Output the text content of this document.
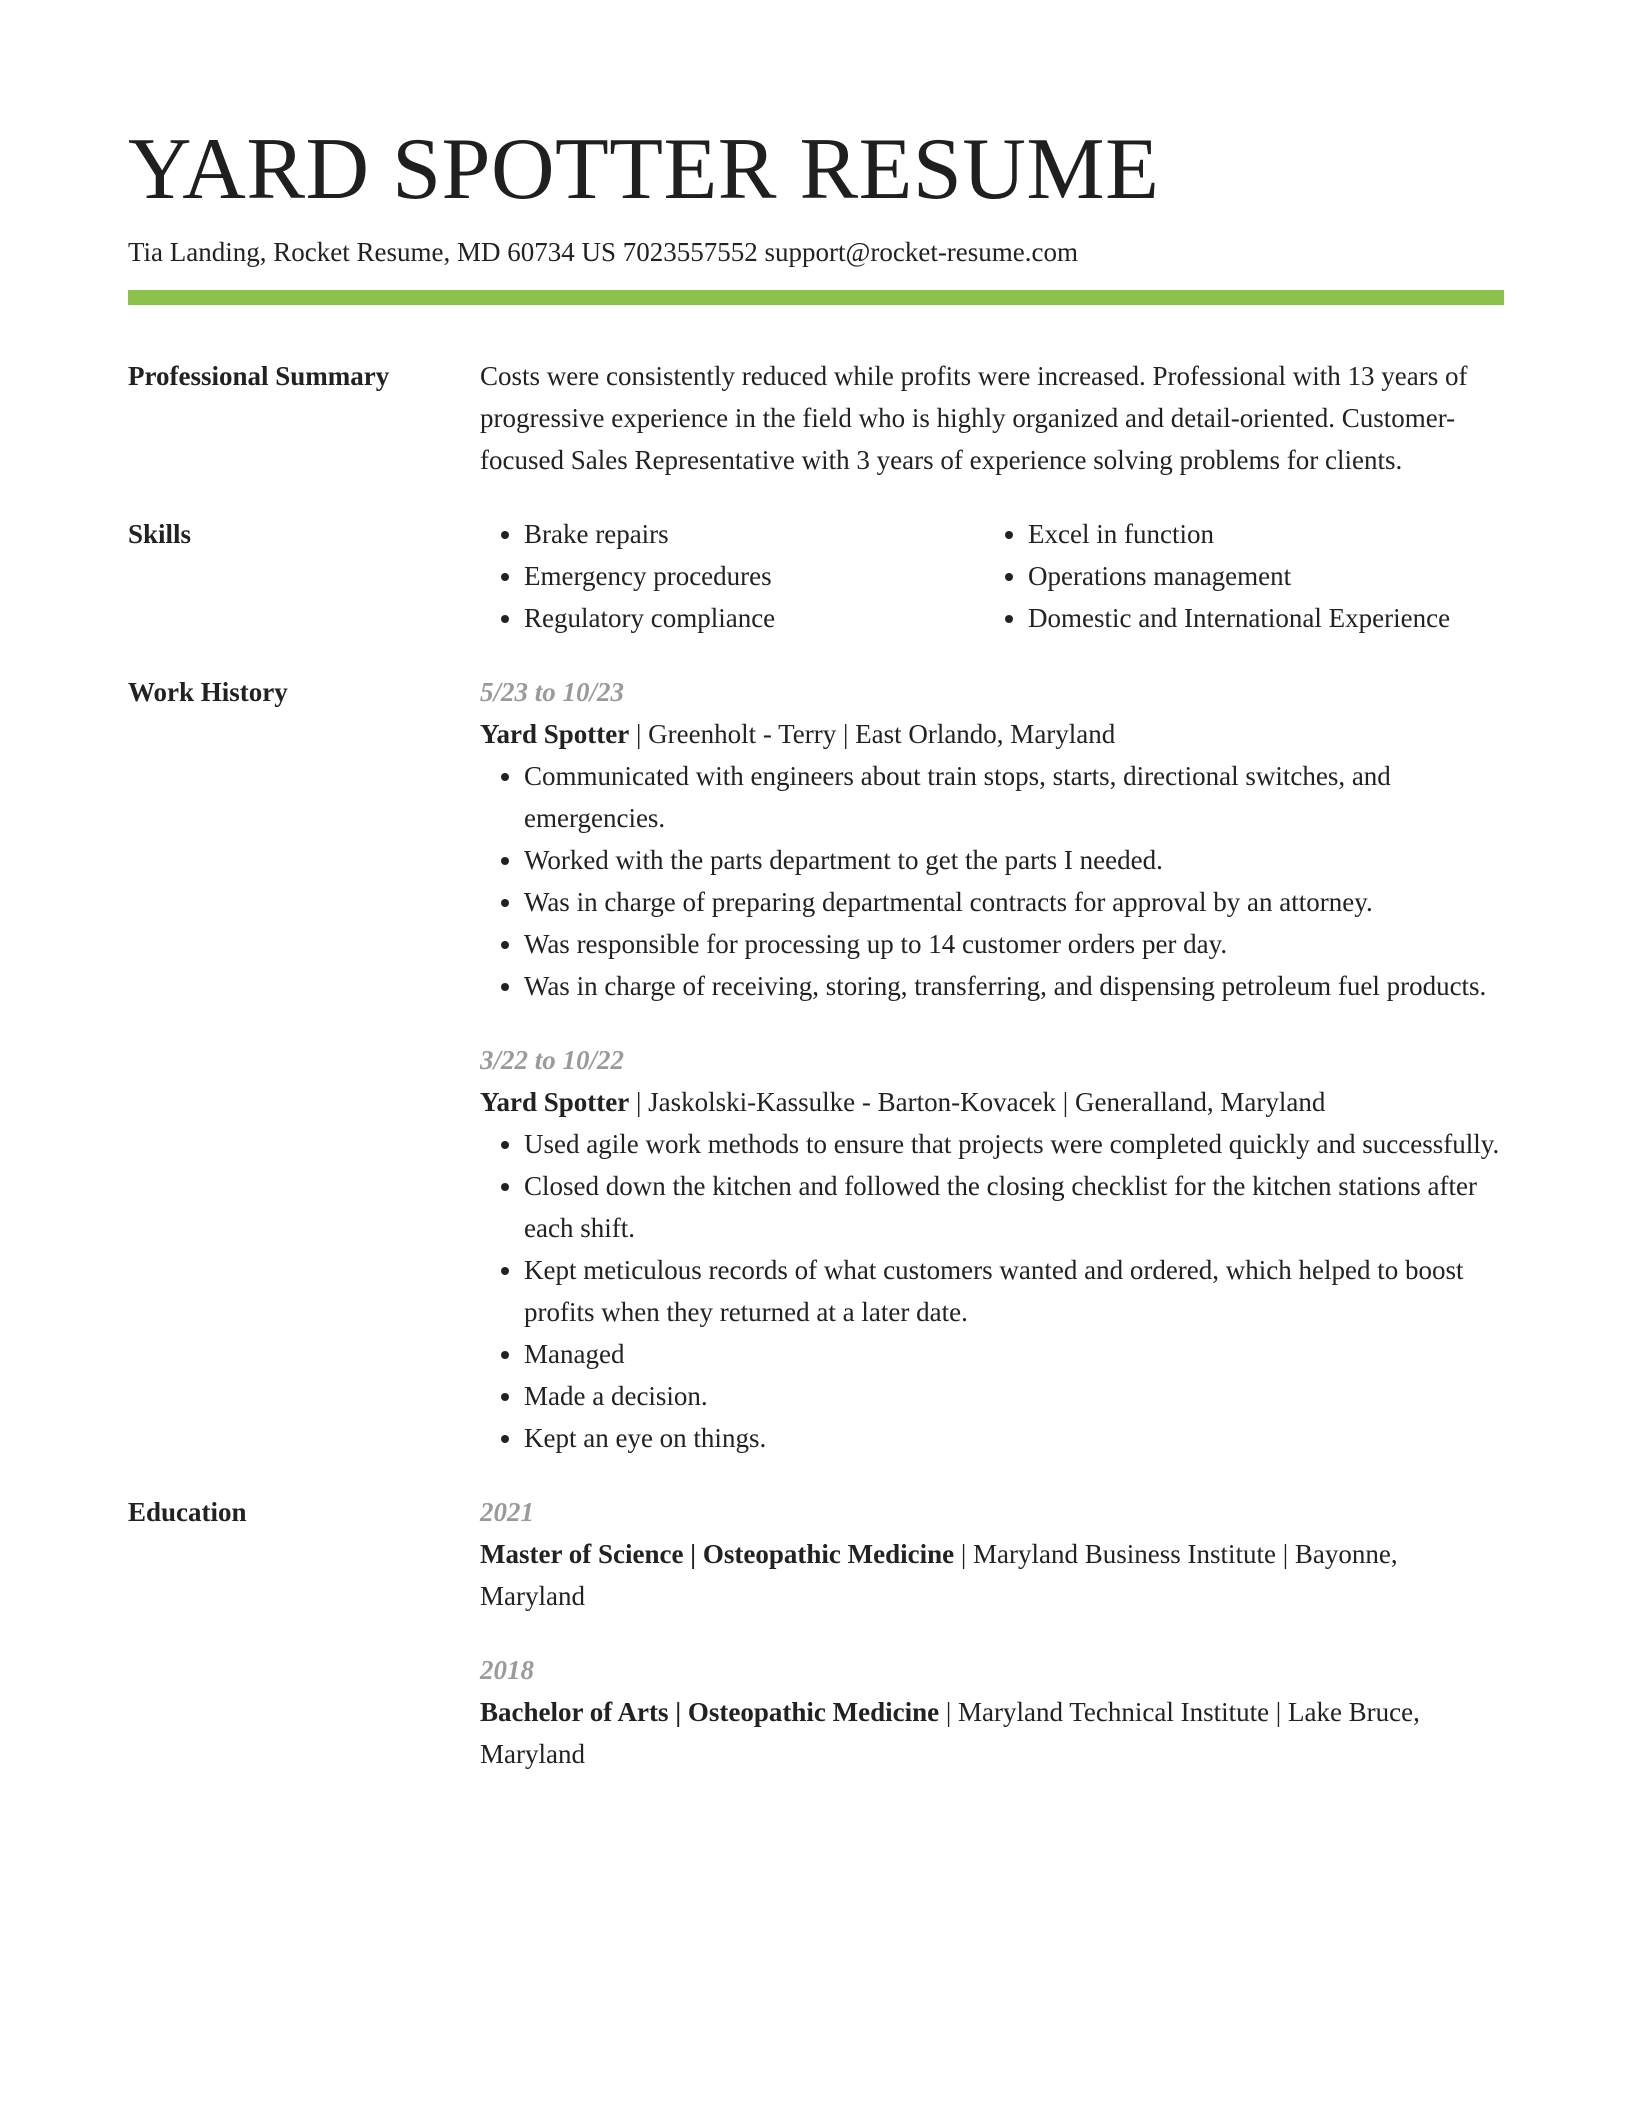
YARD SPOTTER RESUME
Tia Landing, Rocket Resume, MD 60734 US 7023557552 support@rocket-resume.com
Professional Summary	Costs were consistently reduced while profits were increased. Professional with 13 years of progressive experience in the field who is highly organized and detail-oriented. Customer-focused Sales Representative with 3 years of experience solving problems for clients.

Skills
•	Brake repairs
• Emergency procedures
• Regulatory compliance
• Excel in function
• Operations management
• Domestic and International Experience
Work History	5/23 to 10/23
Yard Spotter | Greenholt - Terry | East Orlando, Maryland
• Communicated with engineers about train stops, starts, directional switches, and emergencies.
• Worked with the parts department to get the parts I needed.
• Was in charge of preparing departmental contracts for approval by an attorney.
• Was responsible for processing up to 14 customer orders per day.
• Was in charge of receiving, storing, transferring, and dispensing petroleum fuel products.
3/22 to 10/22
Yard Spotter | Jaskolski-Kassulke - Barton-Kovacek | Generalland, Maryland
• Used agile work methods to ensure that projects were completed quickly and successfully.
• Closed down the kitchen and followed the closing checklist for the kitchen stations after each shift.
• Kept meticulous records of what customers wanted and ordered, which helped to boost profits when they returned at a later date.
• Managed
• Made a decision.
• Kept an eye on things.
Education	2021
Master of Science | Osteopathic Medicine | Maryland Business Institute | Bayonne, Maryland
2018
Bachelor of Arts | Osteopathic Medicine | Maryland Technical Institute | Lake Bruce, Maryland
